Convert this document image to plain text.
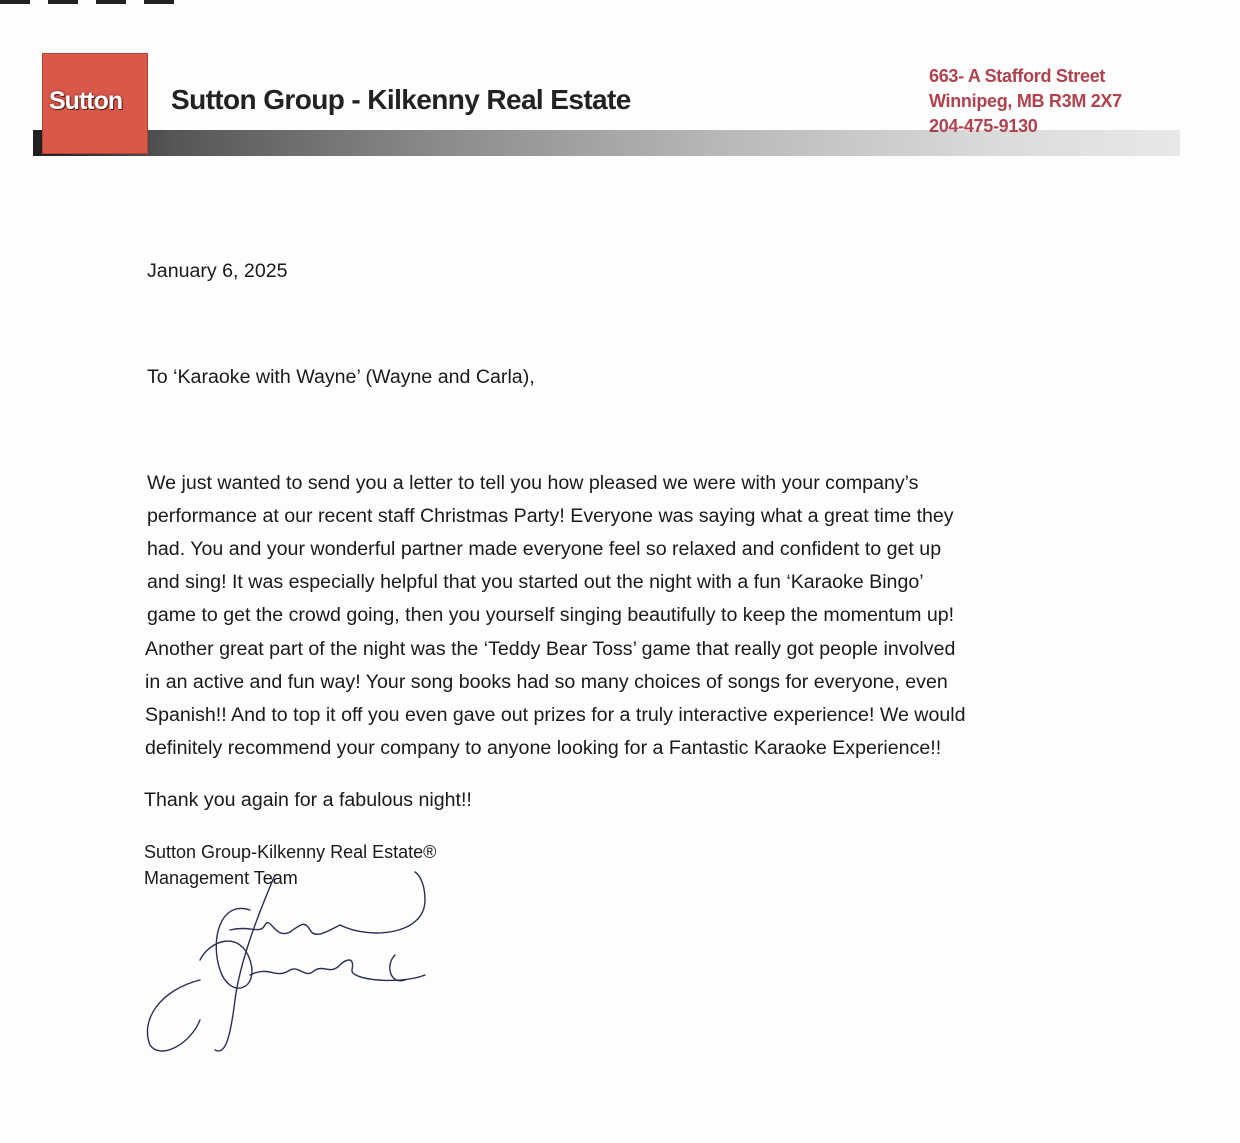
Sutton Sutton Group - Kilkenny Real Estate
663- A Stafford Street
Winnipeg, MB R3M 2X7
204-475-9130
January 6, 2025
To ‘Karaoke with Wayne’ (Wayne and Carla),
We just wanted to send you a letter to tell you how pleased we were with your company’s
performance at our recent staff Christmas Party! Everyone was saying what a great time they
had. You and your wonderful partner made everyone feel so relaxed and confident to get up
and sing! It was especially helpful that you started out the night with a fun ‘Karaoke Bingo’
game to get the crowd going, then you yourself singing beautifully to keep the momentum up!
Another great part of the night was the ‘Teddy Bear Toss’ game that really got people involved
in an active and fun way! Your song books had so many choices of songs for everyone, even
Spanish!! And to top it off you even gave out prizes for a truly interactive experience! We would
definitely recommend your company to anyone looking for a Fantastic Karaoke Experience!!
Thank you again for a fabulous night!!
Sutton Group-Kilkenny Real Estate®
Management Team
